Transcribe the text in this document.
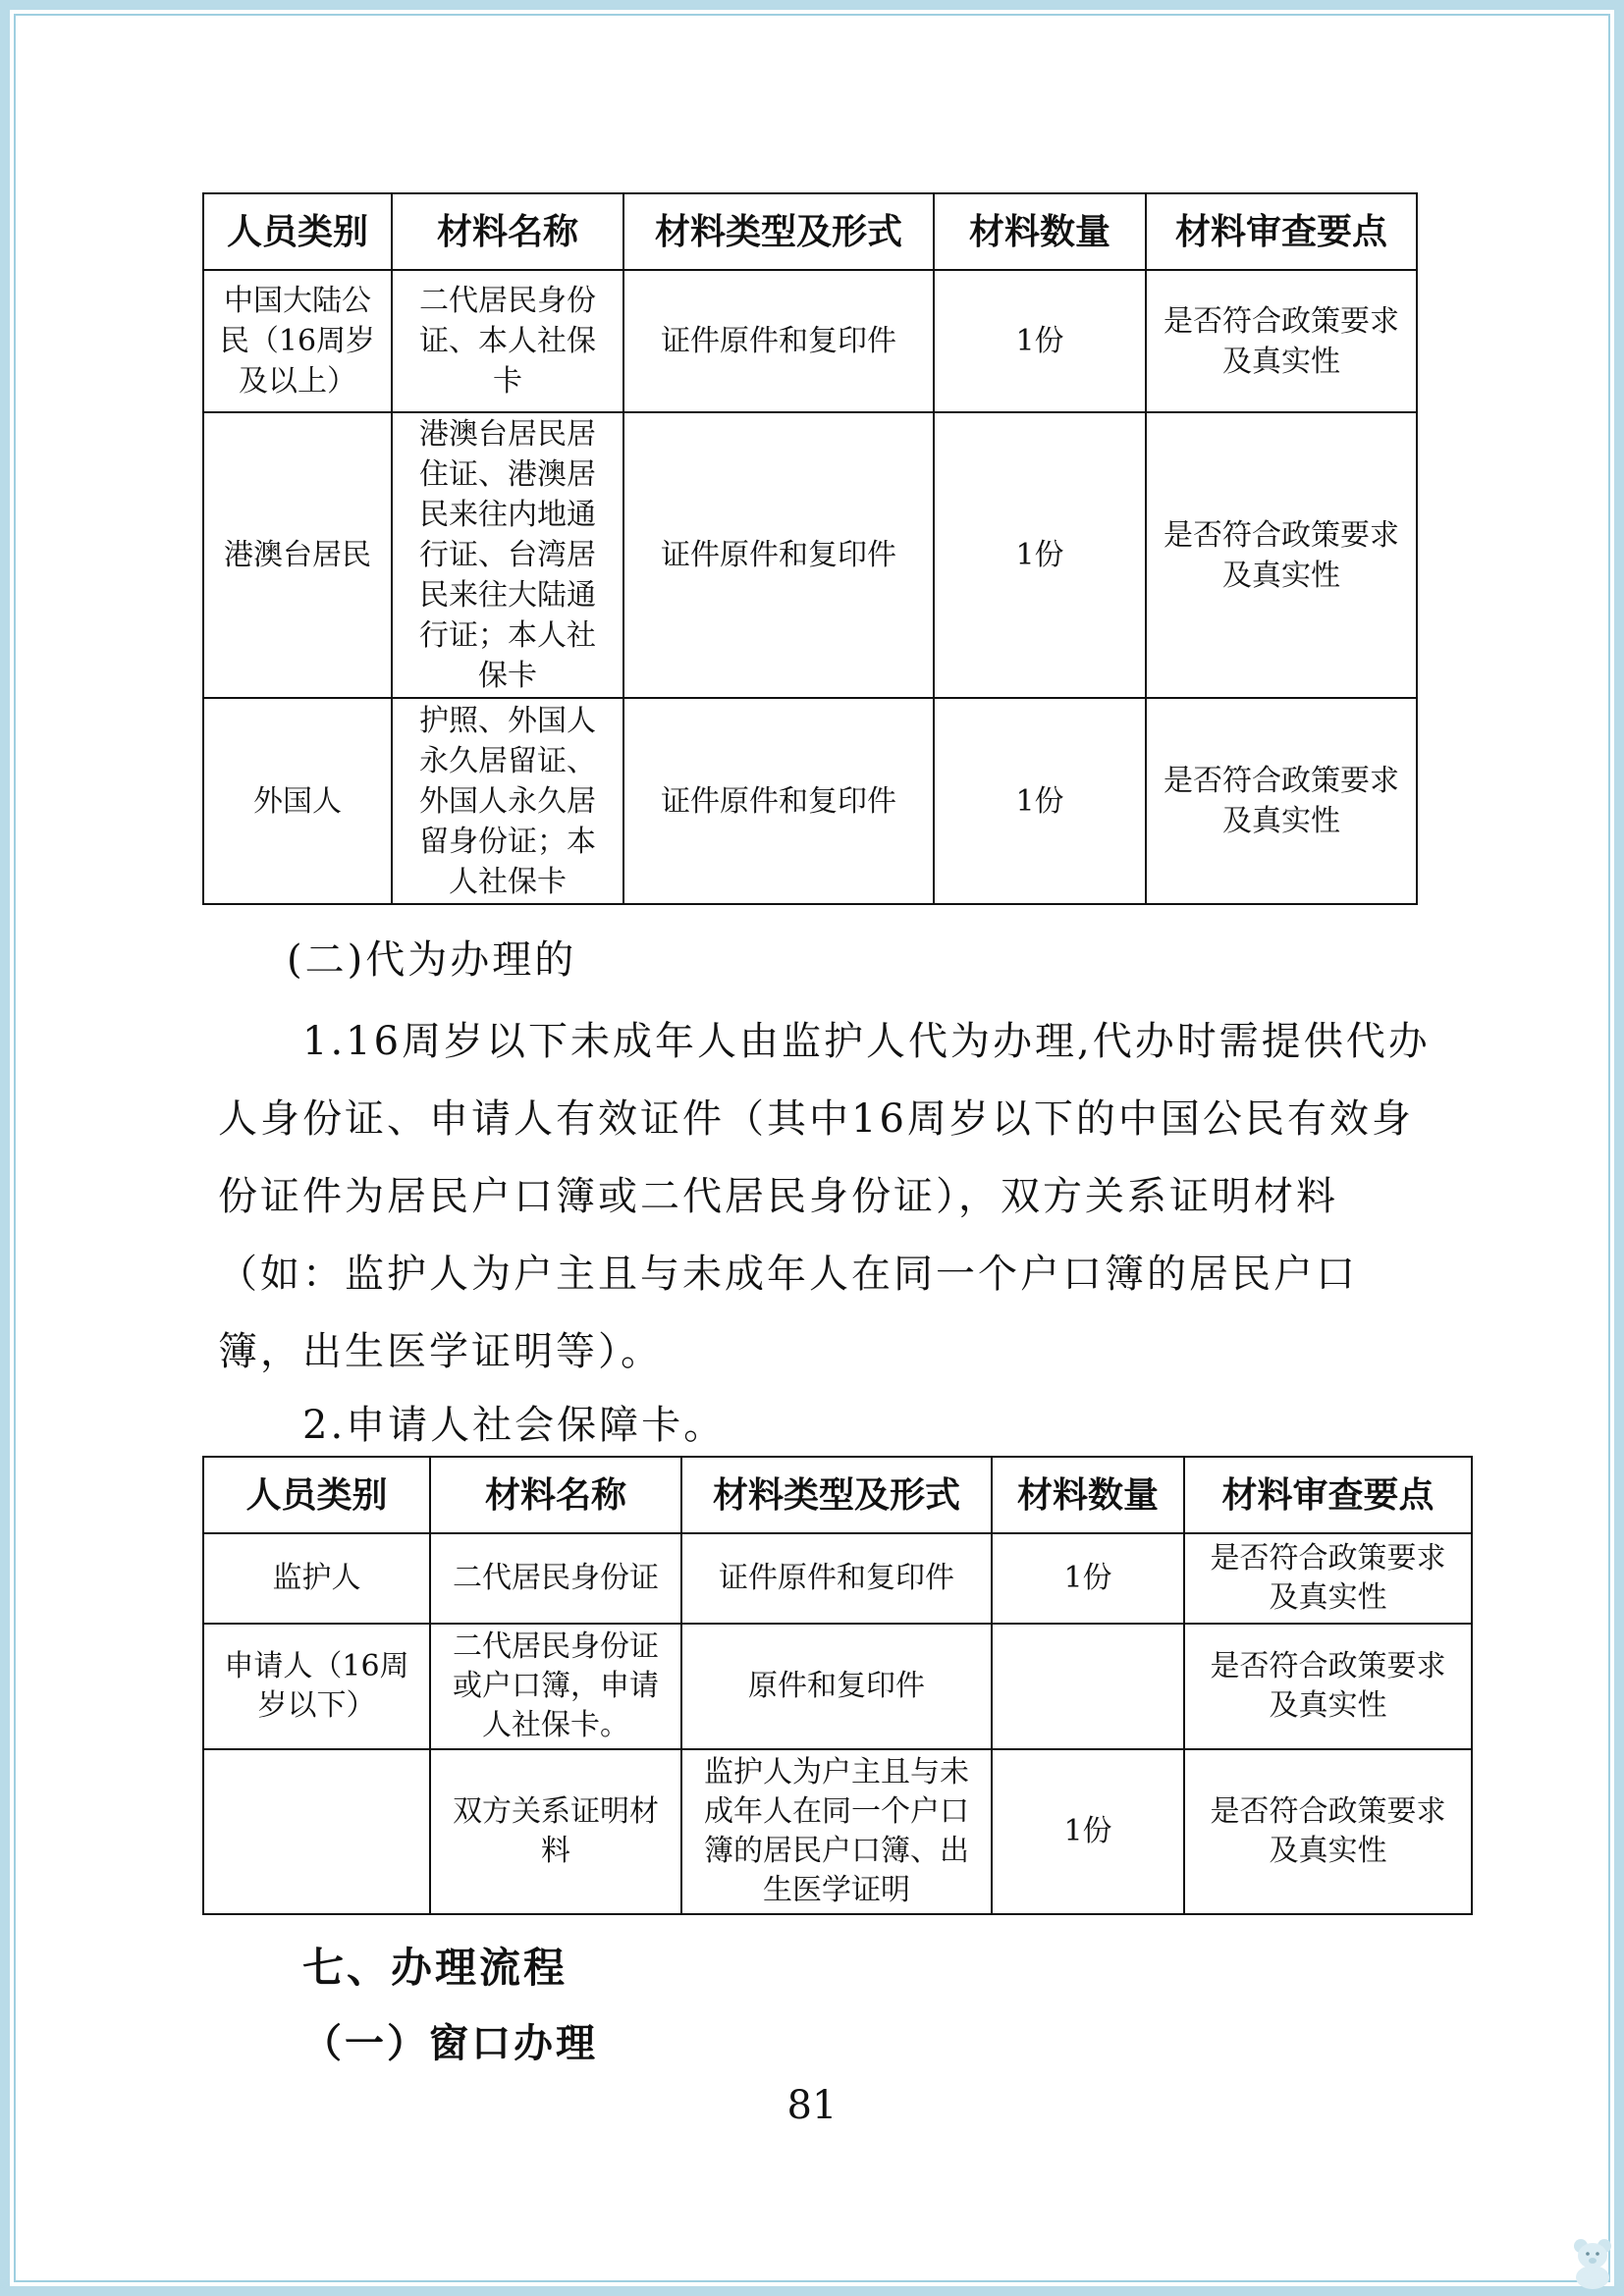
人员类别	材料名称	材料类型及形式	材料数量	材料审查要点
中国大陆公民（16周岁及以上）	二代居民身份证、本人社保卡	证件原件和复印件	1份	是否符合政策要求及真实性
港澳台居民	港澳台居民居住证、港澳居民来往内地通行证、台湾居民来往大陆通行证；本人社保卡	证件原件和复印件	1份	是否符合政策要求及真实性
外国人	护照、外国人永久居留证、外国人永久居留身份证；本人社保卡	证件原件和复印件	1份	是否符合政策要求及真实性

(二)代为办理的

1.16周岁以下未成年人由监护人代为办理,代办时需提供代办人身份证、申请人有效证件（其中16周岁以下的中国公民有效身份证件为居民户口簿或二代居民身份证），双方关系证明材料（如：监护人为户主且与未成年人在同一个户口簿的居民户口簿，出生医学证明等）。

2.申请人社会保障卡。

人员类别	材料名称	材料类型及形式	材料数量	材料审查要点
监护人	二代居民身份证	证件原件和复印件	1份	是否符合政策要求及真实性
申请人（16周岁以下）	二代居民身份证或户口簿，申请人社保卡。	原件和复印件		是否符合政策要求及真实性
	双方关系证明材料	监护人为户主且与未成年人在同一个户口簿的居民户口簿、出生医学证明	1份	是否符合政策要求及真实性

七、办理流程

（一）窗口办理

81
